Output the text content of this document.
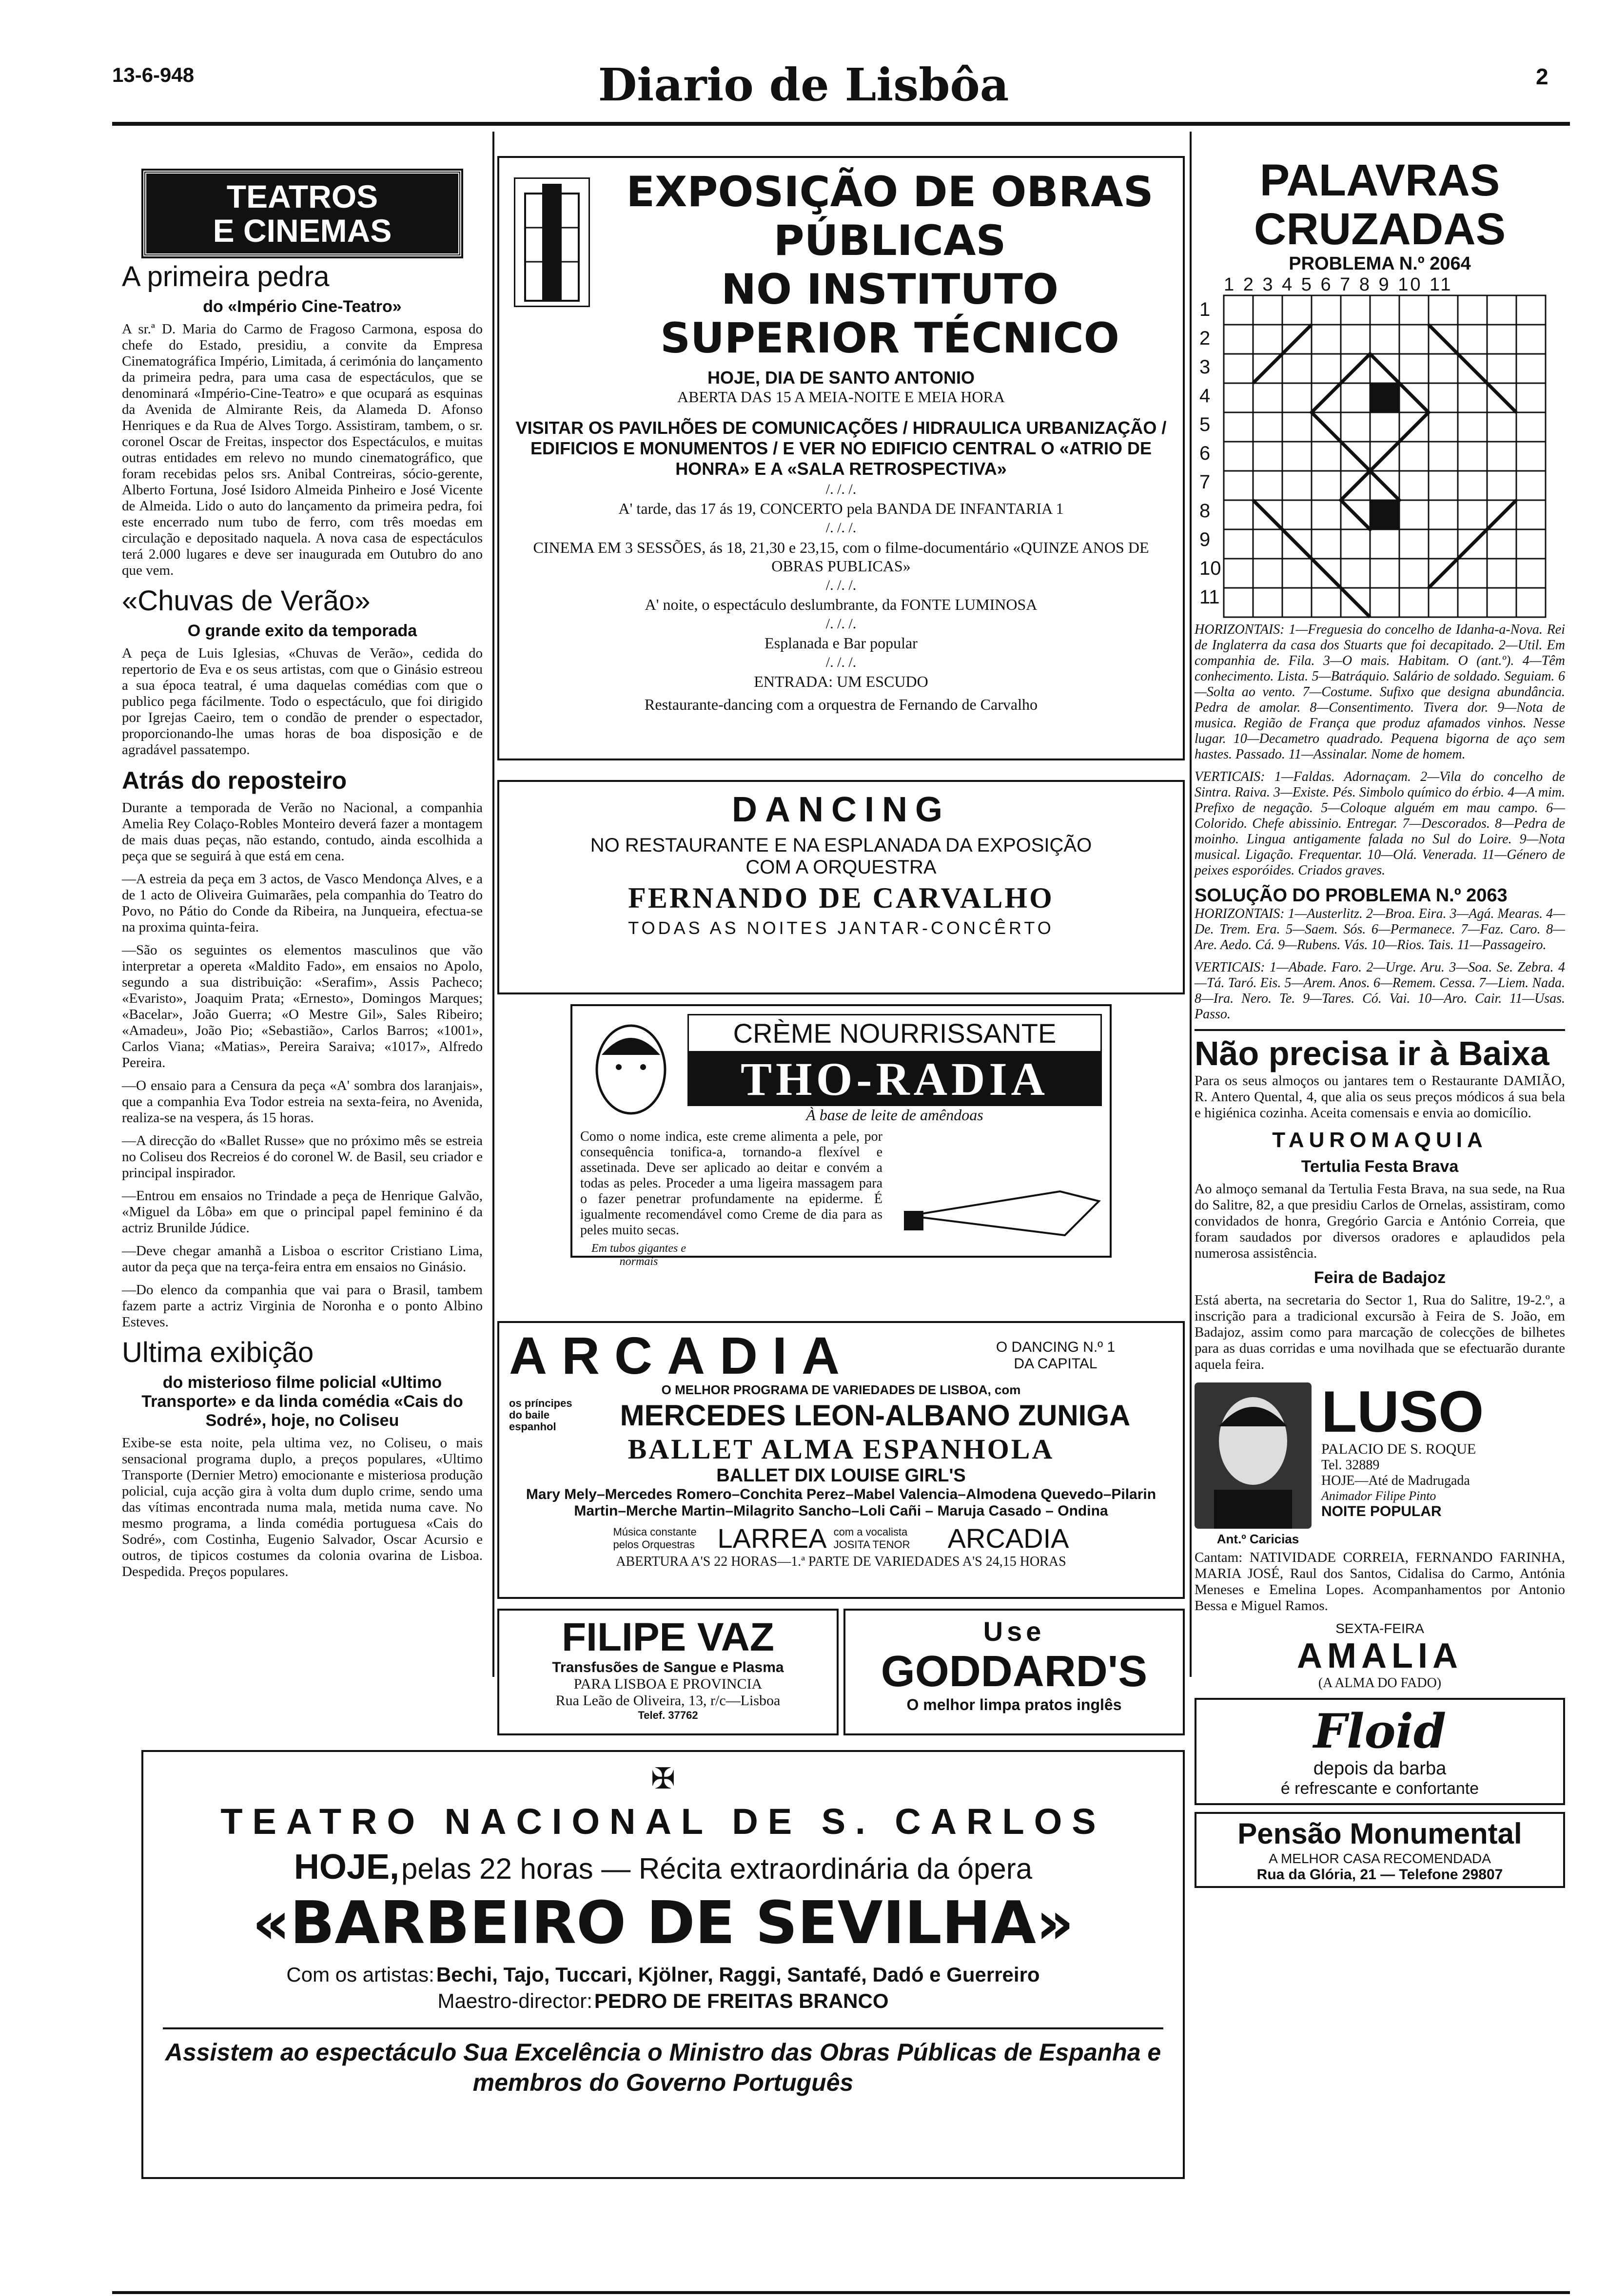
13-6-948	Diario de Lisbôa	2
TEATROS
E CINEMAS
A primeira pedra
do «Império Cine-Teatro»

A sr.ª D. Maria do Carmo de Fragoso Carmona, esposa do chefe do Estado, presidiu, a convite da Empresa Cinematográfica Império, Limitada, á cerimónia do lançamento da primeira pedra, para uma casa de espectáculos, que se denominará «Império-Cine-Teatro» e que ocupará as esquinas da Avenida de Almirante Reis, da Alameda D. Afonso Henriques e da Rua de Alves Torgo. Assistiram, tambem, o sr. coronel Oscar de Freitas, inspector dos Espectáculos, e muitas outras entidades em relevo no mundo cinematográfico, que foram recebidas pelos srs. Anibal Contreiras, sócio-gerente, Alberto Fortuna, José Isidoro Almeida Pinheiro e José Vicente de Almeida. Lido o auto do lançamento da primeira pedra, foi este encerrado num tubo de ferro, com três moedas em circulação e depositado naquela. A nova casa de espectáculos terá 2.000 lugares e deve ser inaugurada em Outubro do ano que vem.

«Chuvas de Verão»
O grande exito da temporada

A peça de Luis Iglesias, «Chuvas de Verão», cedida do repertorio de Eva e os seus artistas, com que o Ginásio estreou a sua época teatral, é uma daquelas comédias com que o publico pega fácilmente. Todo o espectáculo, que foi dirigido por Igrejas Caeiro, tem o condão de prender o espectador, proporcionando-lhe umas horas de boa disposição e de agradável passatempo.

Atrás do reposteiro

Durante a temporada de Verão no Nacional, a companhia Amelia Rey Colaço-Robles Monteiro deverá fazer a montagem de mais duas peças, não estando, contudo, ainda escolhida a peça que se seguirá à que está em cena.

—A estreia da peça em 3 actos, de Vasco Mendonça Alves, e a de 1 acto de Oliveira Guimarães, pela companhia do Teatro do Povo, no Pátio do Conde da Ribeira, na Junqueira, efectua-se na proxima quinta-feira.

—São os seguintes os elementos masculinos que vão interpretar a opereta «Maldito Fado», em ensaios no Apolo, segundo a sua distribuição: «Serafim», Assis Pacheco; «Evaristo», Joaquim Prata; «Ernesto», Domingos Marques; «Bacelar», João Guerra; «O Mestre Gil», Sales Ribeiro; «Amadeu», João Pio; «Sebastião», Carlos Barros; «1001», Carlos Viana; «Matias», Pereira Saraiva; «1017», Alfredo Pereira.

—O ensaio para a Censura da peça «A' sombra dos laranjais», que a companhia Eva Todor estreia na sexta-feira, no Avenida, realiza-se na vespera, ás 15 horas.

—A direcção do «Ballet Russe» que no próximo mês se estreia no Coliseu dos Recreios é do coronel W. de Basil, seu criador e principal inspirador.

—Entrou em ensaios no Trindade a peça de Henrique Galvão, «Miguel da Lôba» em que o principal papel feminino é da actriz Brunilde Júdice.

—Deve chegar amanhã a Lisboa o escritor Cristiano Lima, autor da peça que na terça-feira entra em ensaios no Ginásio.

—Do elenco da companhia que vai para o Brasil, tambem fazem parte a actriz Virginia de Noronha e o ponto Albino Esteves.

Ultima exibição
do misterioso filme policial «Ultimo Transporte» e da linda comédia «Cais do Sodré», hoje, no Coliseu

Exibe-se esta noite, pela ultima vez, no Coliseu, o mais sensacional programa duplo, a preços populares, «Ultimo Transporte (Dernier Metro) emocionante e misteriosa produção policial, cuja acção gira à volta dum duplo crime, sendo uma das vítimas encontrada numa mala, metida numa cave. No mesmo programa, a linda comédia portuguesa «Cais do Sodré», com Costinha, Eugenio Salvador, Oscar Acursio e outros, de tipicos costumes da colonia ovarina de Lisboa. Despedida. Preços populares.

EXPOSIÇÃO DE OBRAS PÚBLICAS
NO INSTITUTO SUPERIOR TÉCNICO
HOJE, DIA DE SANTO ANTONIO
ABERTA DAS 15 A MEIA-NOITE E MEIA HORA
VISITAR OS PAVILHÕES DE COMUNICAÇÕES / HIDRAULICA URBANIZAÇÃO / EDIFICIOS E MONUMENTOS / E VER NO EDIFICIO CENTRAL O «ATRIO DE HONRA» E A «SALA RETROSPECTIVA»
/. /. /.
A' tarde, das 17 ás 19, CONCERTO pela BANDA DE INFANTARIA 1
/. /. /.
CINEMA EM 3 SESSÕES, ás 18, 21,30 e 23,15, com o filme-documentário «QUINZE ANOS DE OBRAS PUBLICAS»
/. /. /.
A' noite, o espectáculo deslumbrante, da FONTE LUMINOSA
/. /. /.
Esplanada e Bar popular
/. /. /.
ENTRADA: UM ESCUDO
Restaurante-dancing com a orquestra de Fernando de Carvalho
DANCING
NO RESTAURANTE E NA ESPLANADA DA EXPOSIÇÃO
COM A ORQUESTRA
FERNANDO DE CARVALHO
TODAS AS NOITES JANTAR-CONCÊRTO
CRÈME NOURRISSANTE
THO-RADIA
À base de leite de amêndoas
Como o nome indica, este creme alimenta a pele, por consequência tonifica-a, tornando-a flexível e assetinada. Deve ser aplicado ao deitar e convém a todas as peles. Proceder a uma ligeira massagem para o fazer penetrar profundamente na epiderme. É igualmente recomendável como Creme de dia para as peles muito secas.
Em tubos gigantes e normais
ARCADIA	O DANCING N.º 1
DA CAPITAL
O MELHOR PROGRAMA DE VARIEDADES DE LISBOA, com
os príncipes do baile espanhol	MERCEDES LEON-ALBANO ZUNIGA
BALLET ALMA ESPANHOLA
BALLET DIX LOUISE GIRL'S
Mary Mely–Mercedes Romero–Conchita Perez–Mabel Valencia–Almodena Quevedo–Pilarin Martin–Merche Martin–Milagrito Sancho–Loli Cañi – Maruja Casado – Ondina
Música constante pelos Orquestras LARREA com a vocalista JOSITA TENOR	ARCADIA
ABERTURA A'S 22 HORAS—1.ª PARTE DE VARIEDADES A'S 24,15 HORAS
FILIPE VAZ
Transfusões de Sangue e Plasma
PARA LISBOA E PROVINCIA
Rua Leão de Oliveira, 13, r/c—Lisboa
Telef. 37762
Use
GODDARD'S
O melhor limpa pratos inglês
✠
TEATRO NACIONAL DE S. CARLOS
HOJE, pelas 22 horas — Récita extraordinária da ópera
«BARBEIRO DE SEVILHA»
Com os artistas: Bechi, Tajo, Tuccari, Kjölner, Raggi, Santafé, Dadó e Guerreiro
Maestro-director: PEDRO DE FREITAS BRANCO
Assistem ao espectáculo Sua Excelência o Ministro das Obras Públicas de Espanha e membros do Governo Português
PALAVRAS CRUZADAS
PROBLEMA N.º 2064
1 2 3 4 5 6 7 8 9 10 11
1
2
3
4
5
6
7
8
9
10
11

HORIZONTAIS: 1—Freguesia do concelho de Idanha-a-Nova. Rei de Inglaterra da casa dos Stuarts que foi decapitado. 2—Util. Em companhia de. Fila. 3—O mais. Habitam. O (ant.º). 4—Têm conhecimento. Lista. 5—Batráquio. Salário de soldado. Seguiam. 6—Solta ao vento. 7—Costume. Sufixo que designa abundância. Pedra de amolar. 8—Consentimento. Tivera dor. 9—Nota de musica. Região de França que produz afamados vinhos. Nesse lugar. 10—Decametro quadrado. Pequena bigorna de aço sem hastes. Passado. 11—Assinalar. Nome de homem.

VERTICAIS: 1—Faldas. Adornaçam. 2—Vila do concelho de Sintra. Raiva. 3—Existe. Pés. Simbolo químico do érbio. 4—A mim. Prefixo de negação. 5—Coloque alguém em mau campo. 6—Colorido. Chefe abissinio. Entregar. 7—Descorados. 8—Pedra de moinho. Lingua antigamente falada no Sul do Loire. 9—Nota musical. Ligação. Frequentar. 10—Olá. Venerada. 11—Género de peixes esporóides. Criados graves.

SOLUÇÃO DO PROBLEMA N.º 2063

HORIZONTAIS: 1—Austerlitz. 2—Broa. Eira. 3—Agá. Mearas. 4—De. Trem. Era. 5—Saem. Sós. 6—Permanece. 7—Faz. Caro. 8—Are. Aedo. Cá. 9—Rubens. Vás. 10—Rios. Tais. 11—Passageiro.

VERTICAIS: 1—Abade. Faro. 2—Urge. Aru. 3—Soa. Se. Zebra. 4—Tá. Taró. Eis. 5—Arem. Anos. 6—Remem. Cessa. 7—Liem. Nada. 8—Ira. Nero. Te. 9—Tares. Có. Vai. 10—Aro. Cair. 11—Usas. Passo.

Não precisa ir à Baixa

Para os seus almoços ou jantares tem o Restaurante DAMIÃO, R. Antero Quental, 4, que alia os seus preços módicos á sua bela e higiénica cozinha. Aceita comensais e envia ao domicílio.

TAUROMAQUIA
Tertulia Festa Brava

Ao almoço semanal da Tertulia Festa Brava, na sua sede, na Rua do Salitre, 82, a que presidiu Carlos de Ornelas, assistiram, como convidados de honra, Gregório Garcia e António Correia, que foram saudados por diversos oradores e aplaudidos pela numerosa assistência.

Feira de Badajoz

Está aberta, na secretaria do Sector 1, Rua do Salitre, 19-2.º, a inscrição para a tradicional excursão à Feira de S. João, em Badajoz, assim como para marcação de colecções de bilhetes para as duas corridas e uma novilhada que se efectuarão durante aquela feira.

Ant.º Caricias
LUSO
PALACIO DE S. ROQUE
Tel. 32889
HOJE—Até de Madrugada
Animador Filipe Pinto
NOITE POPULAR

Cantam: NATIVIDADE CORREIA, FERNANDO FARINHA, MARIA JOSÉ, Raul dos Santos, Cidalisa do Carmo, Antónia Meneses e Emelina Lopes. Acompanhamentos por Antonio Bessa e Miguel Ramos.

SEXTA-FEIRA
AMALIA
(A ALMA DO FADO)
Floid
depois da barba
é refrescante e confortante
Pensão Monumental
A MELHOR CASA RECOMENDADA
Rua da Glória, 21 — Telefone 29807
